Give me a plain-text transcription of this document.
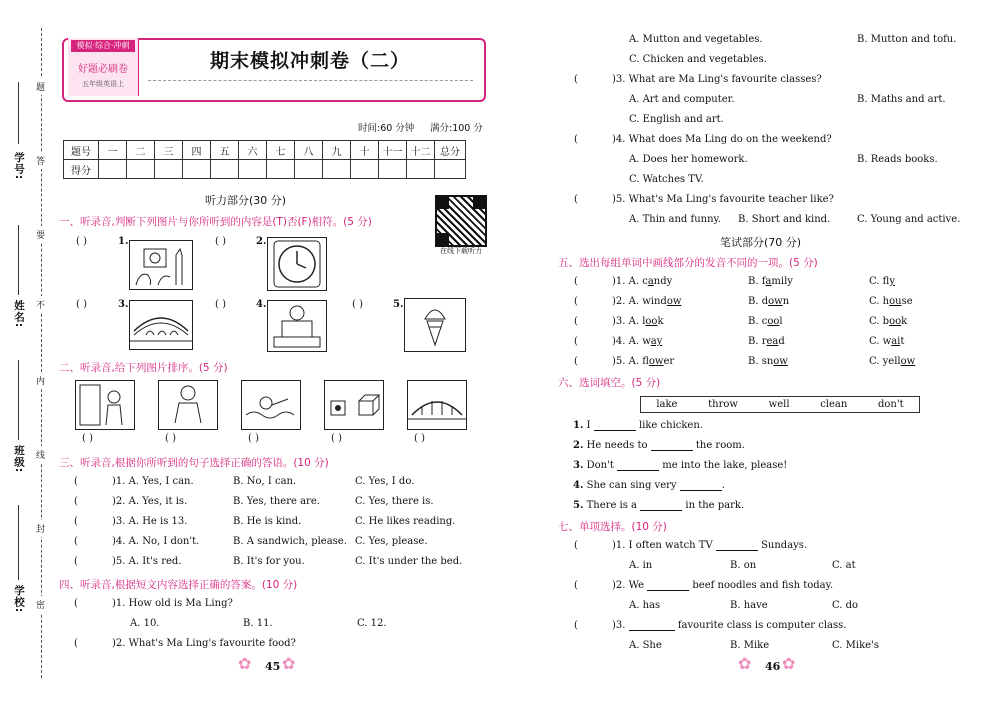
题
答
要
不
内
线
封
密
学号:
姓名:
班级:
学校:
模拟·综合·冲刺
好题必刷卷
五年级英语上
期末模拟冲刺卷（二）
时间:60 分钟 满分:100 分
题号	一	二	三	四	五	六	七	八	九	十	十一	十二	总分
得分													
听力部分(30 分)
在线下载听力
一、听录音,判断下列图片与你所听到的内容是(T)否(F)相符。(5 分)
( )	1.	( )	2.
( )	3.	( )	4.	( )	5.
二、听录音,给下列图片排序。(5 分)
( )	( )	( )	( )	( )
三、听录音,根据你所听到的句子选择正确的答语。(10 分)
(	)1. A. Yes, I can.	B. No, I can.	C. Yes, I do.
(	)2. A. Yes, it is.	B. Yes, there are.	C. Yes, there is.
(	)3. A. He is 13.	B. He is kind.	C. He likes reading.
(	)4. A. No, I don't.	B. A sandwich, please. C. Yes, please.
(	)5. A. It's red.	B. It's for you.	C. It's under the bed.
四、听录音,根据短文内容选择正确的答案。(10 分)
(	)1. How old is Ma Ling?
A. 10.	B. 11.	C. 12.
(	)2. What's Ma Ling's favourite food?
✿ 45 ✿
A. Mutton and vegetables.	B. Mutton and tofu.
C. Chicken and vegetables.
(	)3. What are Ma Ling's favourite classes?
A. Art and computer.	B. Maths and art.
C. English and art.
(	)4. What does Ma Ling do on the weekend?
A. Does her homework.	B. Reads books.
C. Watches TV.
(	)5. What's Ma Ling's favourite teacher like?
A. Thin and funny. B. Short and kind.	C. Young and active.
笔试部分(70 分)
五、选出每组单词中画线部分的发音不同的一项。(5 分)
(	)1. A. candy	B. family	C. fly
(	)2. A. window	B. down	C. house
(	)3. A. look	B. cool	C. book
(	)4. A. way	B. read	C. wait
(	)5. A. flower	B. snow	C. yellow
六、选词填空。(5 分)
lake	throw	well	clean	don't
1. I	like chicken.
2. He needs to	the room.
3. Don't	me into the lake, please!
4. She can sing very	.
5. There is a	in the park.
七、单项选择。(10 分)
(	)1. I often watch TV	Sundays.
A. in	B. on	C. at
(	)2. We	beef noodles and fish today.
A. has	B. have	C. do
(	)3.	favourite class is computer class.
A. She	B. Mike	C. Mike's
✿ 46 ✿
